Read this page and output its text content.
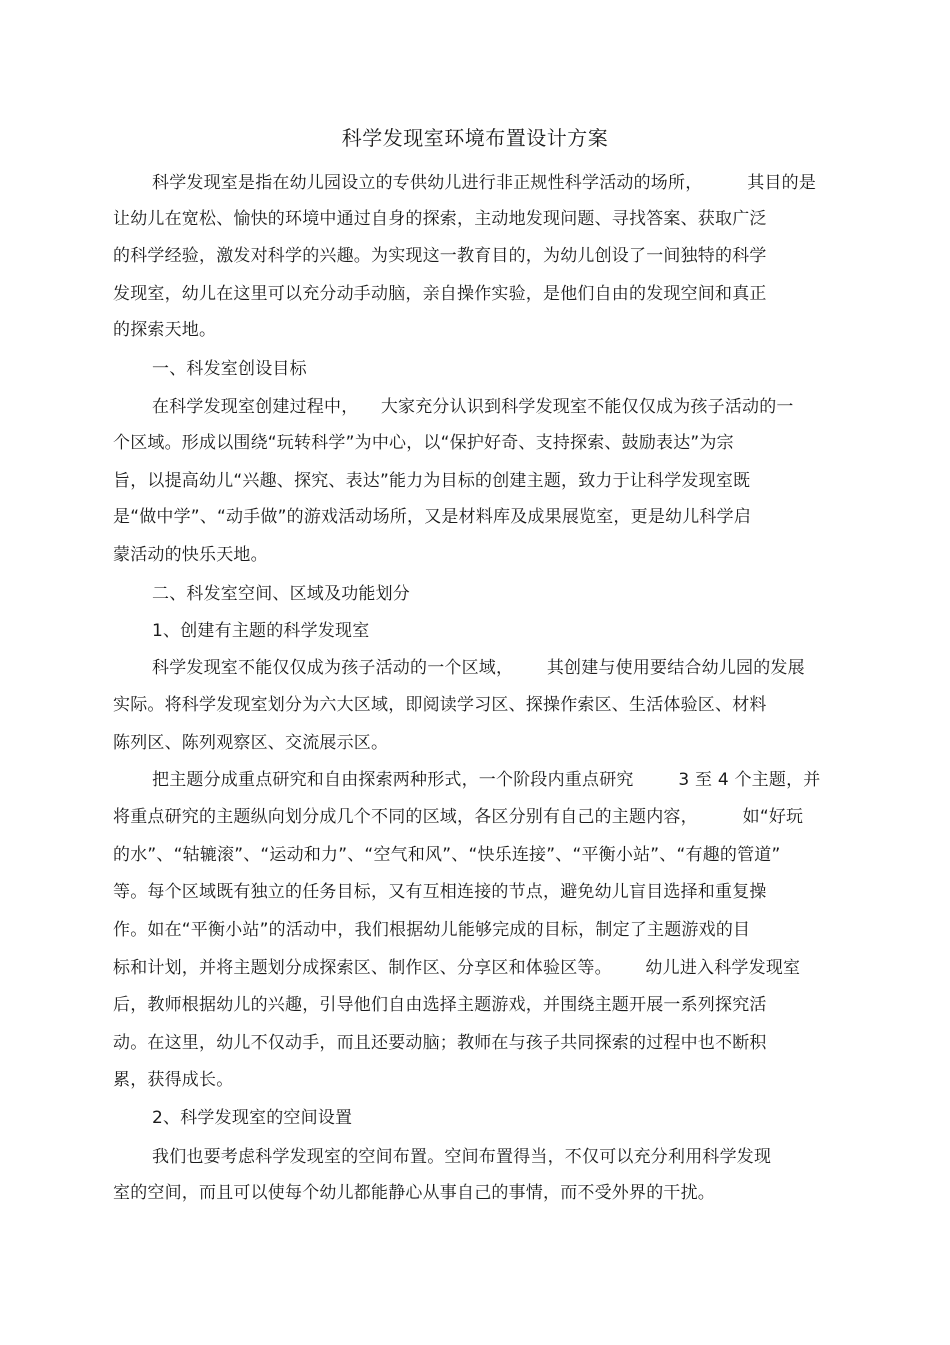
科学发现室环境布置设计方案
科学发现室是指在幼儿园设立的专供幼儿进行非正规性科学活动的场所，        其目的是
让幼儿在宽松、愉快的环境中通过自身的探索，主动地发现问题、寻找答案、获取广泛
的科学经验，激发对科学的兴趣。为实现这一教育目的，为幼儿创设了一间独特的科学
发现室，幼儿在这里可以充分动手动脑，亲自操作实验，是他们自由的发现空间和真正
的探索天地。
一、科发室创设目标
在科学发现室创建过程中，    大家充分认识到科学发现室不能仅仅成为孩子活动的一
个区域。形成以围绕“玩转科学”为中心，以“保护好奇、支持探索、鼓励表达”为宗
旨，以提高幼儿“兴趣、探究、表达”能力为目标的创建主题，致力于让科学发现室既
是“做中学”、“动手做”的游戏活动场所，又是材料库及成果展览室，更是幼儿科学启
蒙活动的快乐天地。
二、科发室空间、区域及功能划分
1、创建有主题的科学发现室
科学发现室不能仅仅成为孩子活动的一个区域，      其创建与使用要结合幼儿园的发展
实际。将科学发现室划分为六大区域，即阅读学习区、探操作索区、生活体验区、材料
陈列区、陈列观察区、交流展示区。
把主题分成重点研究和自由探索两种形式，一个阶段内重点研究        3 至 4 个主题，并
将重点研究的主题纵向划分成几个不同的区域，各区分别有自己的主题内容，        如“好玩
的水”、“轱辘滚”、“运动和力”、“空气和风”、“快乐连接”、“平衡小站”、“有趣的管道”
等。每个区域既有独立的任务目标，又有互相连接的节点，避免幼儿盲目选择和重复操
作。如在“平衡小站”的活动中，我们根据幼儿能够完成的目标，制定了主题游戏的目
标和计划，并将主题划分成探索区、制作区、分享区和体验区等。      幼儿进入科学发现室
后，教师根据幼儿的兴趣，引导他们自由选择主题游戏，并围绕主题开展一系列探究活
动。在这里，幼儿不仅动手，而且还要动脑；教师在与孩子共同探索的过程中也不断积
累，获得成长。
2、科学发现室的空间设置
我们也要考虑科学发现室的空间布置。空间布置得当，不仅可以充分利用科学发现
室的空间，而且可以使每个幼儿都能静心从事自己的事情，而不受外界的干扰。
